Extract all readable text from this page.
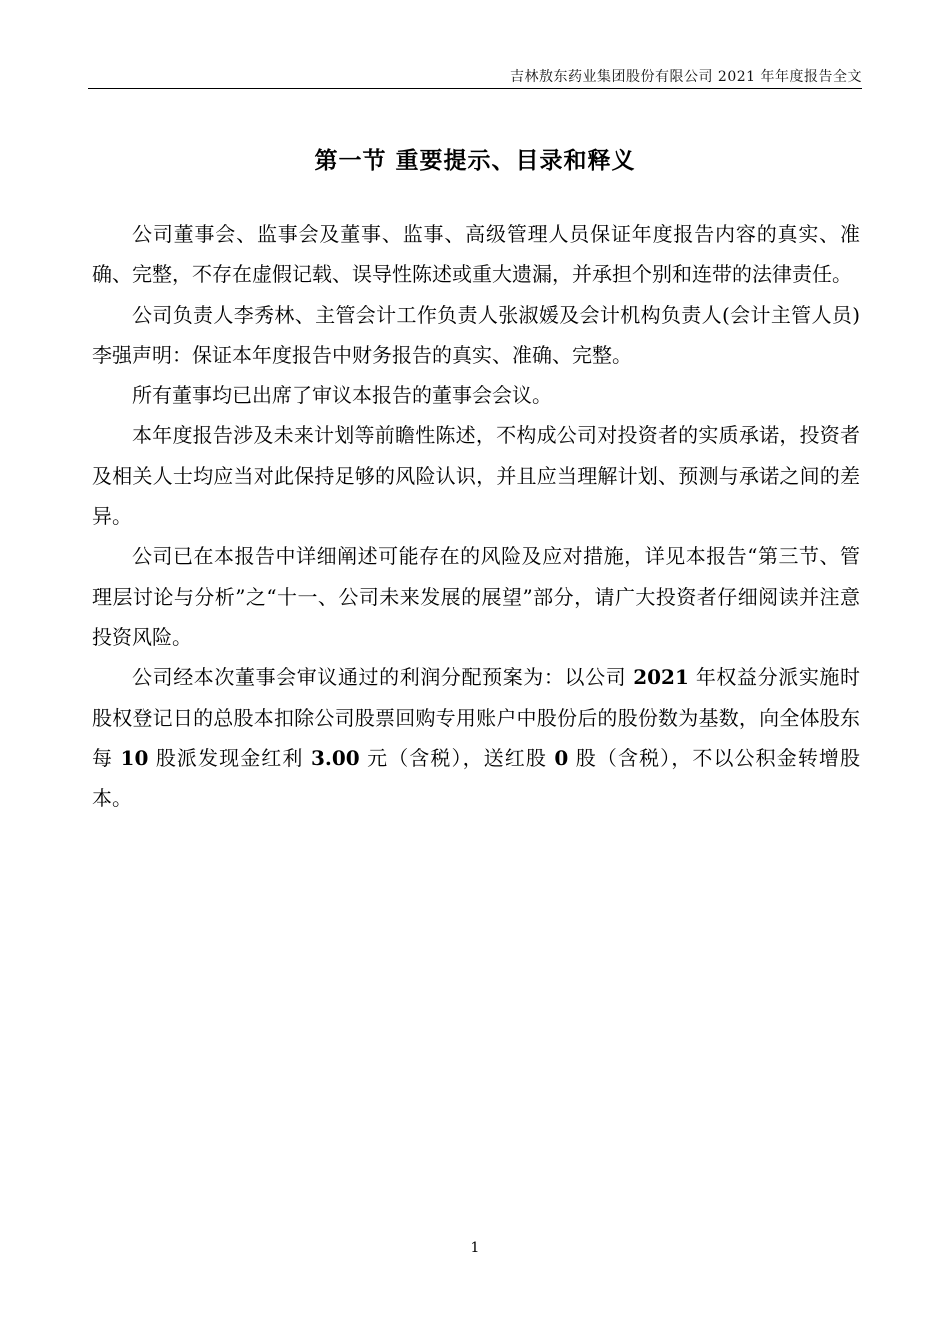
吉林敖东药业集团股份有限公司 2021 年年度报告全文
第一节 重要提示、目录和释义

公司董事会、监事会及董事、监事、高级管理人员保证年度报告内容的真实、准确、完整，不存在虚假记载、误导性陈述或重大遗漏，并承担个别和连带的法律责任。

公司负责人李秀林、主管会计工作负责人张淑媛及会计机构负责人(会计主管人员)李强声明：保证本年度报告中财务报告的真实、准确、完整。

所有董事均已出席了审议本报告的董事会会议。

本年度报告涉及未来计划等前瞻性陈述，不构成公司对投资者的实质承诺，投资者及相关人士均应当对此保持足够的风险认识，并且应当理解计划、预测与承诺之间的差异。

公司已在本报告中详细阐述可能存在的风险及应对措施，详见本报告“第三节、管理层讨论与分析”之“十一、公司未来发展的展望”部分，请广大投资者仔细阅读并注意投资风险。

公司经本次董事会审议通过的利润分配预案为：以公司 2021 年权益分派实施时股权登记日的总股本扣除公司股票回购专用账户中股份后的股份数为基数，向全体股东每 10 股派发现金红利 3.00 元（含税），送红股 0 股（含税），不以公积金转增股本。

1
